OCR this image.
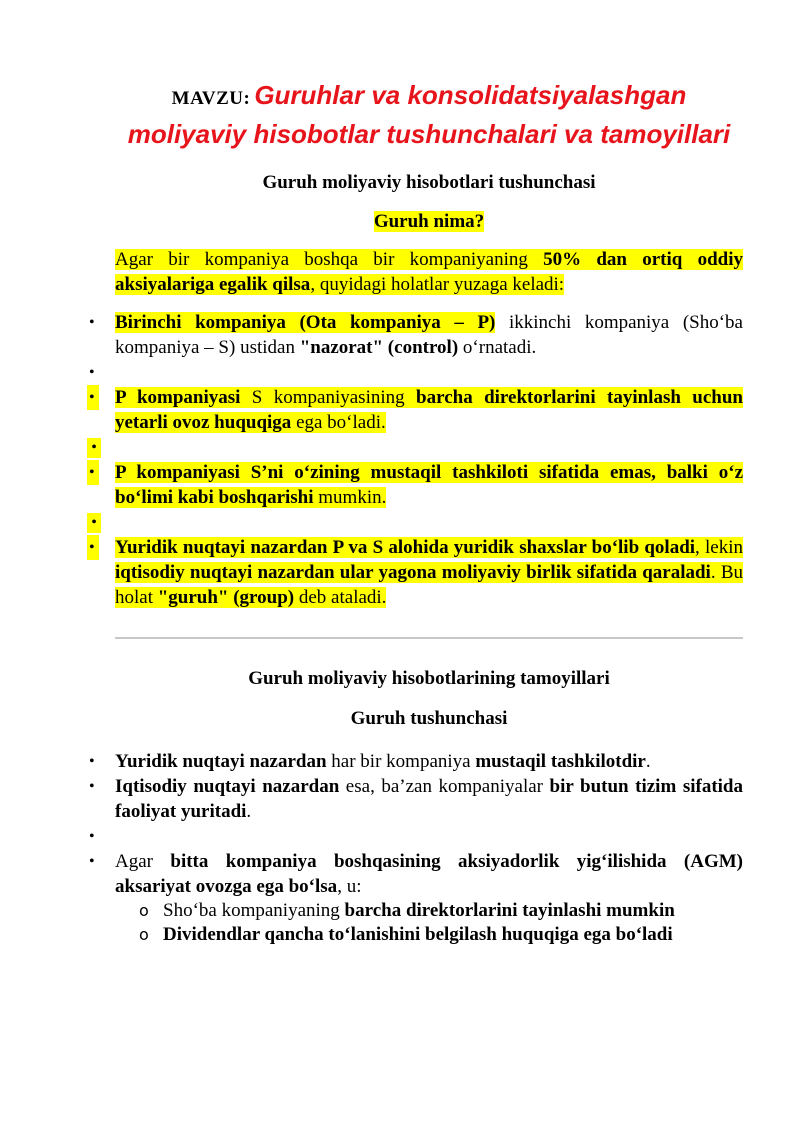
MAVZU: Guruhlar va konsolidatsiyalashgan
moliyaviy hisobotlar tushunchalari va tamoyillari

Guruh moliyaviy hisobotlari tushunchasi

Guruh nima?

Agar bir kompaniya boshqa bir kompaniyaning 50% dan ortiq oddiy aksiyalariga egalik qilsa, quyidagi holatlar yuzaga keladi:

• Birinchi kompaniya (Ota kompaniya – P) ikkinchi kompaniya (Sho‘ba kompaniya – S) ustidan "nazorat" (control) o‘rnatadi.
•
• P kompaniyasi S kompaniyasining barcha direktorlarini tayinlash uchun yetarli ovoz huquqiga ega bo‘ladi.
•
• P kompaniyasi S’ni o‘zining mustaqil tashkiloti sifatida emas, balki o‘z bo‘limi kabi boshqarishi mumkin.
•
• Yuridik nuqtayi nazardan P va S alohida yuridik shaxslar bo‘lib qoladi, lekin iqtisodiy nuqtayi nazardan ular yagona moliyaviy birlik sifatida qaraladi. Bu holat "guruh" (group) deb ataladi.

Guruh moliyaviy hisobotlarining tamoyillari

Guruh tushunchasi

• Yuridik nuqtayi nazardan har bir kompaniya mustaqil tashkilotdir.
• Iqtisodiy nuqtayi nazardan esa, ba’zan kompaniyalar bir butun tizim sifatida faoliyat yuritadi.
•
• Agar bitta kompaniya boshqasining aksiyadorlik yig‘ilishida (AGM) aksariyat ovozga ega bo‘lsa, u:
o Sho‘ba kompaniyaning barcha direktorlarini tayinlashi mumkin
o Dividendlar qancha to‘lanishini belgilash huquqiga ega bo‘ladi
